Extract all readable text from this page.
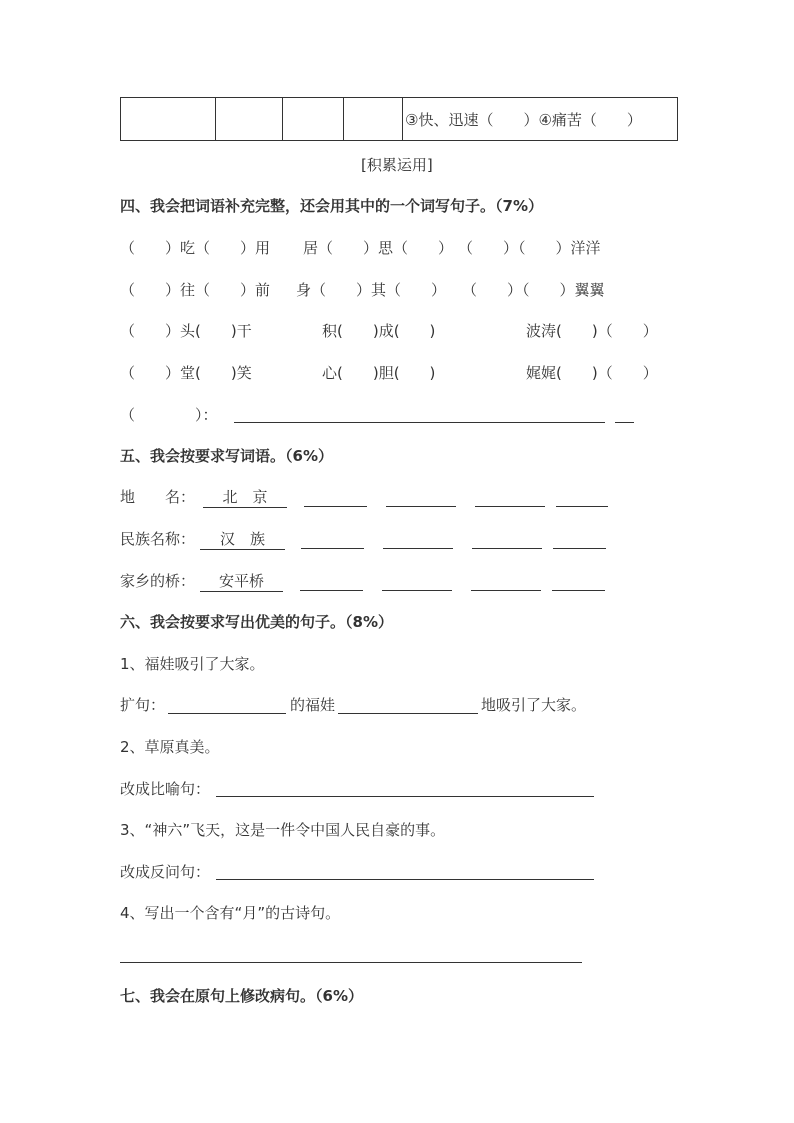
				③快、迅速（　　）④痛苦（　　）
[积累运用]
四、我会把词语补充完整，还会用其中的一个词写句子。（7%）
（　　）吃（　　）用 居（　　）思（　　） （　　）（　　）洋洋
（　　）往（　　）前 身（　　）其（　　） （　　）（　　）翼翼
（　　）头(　　)干	积(　　)成(　　)	波涛(　　)（　　）
（　　）堂(　　)笑	心(　　)胆(　　)	娓娓(　　)（　　）
（　　　　）：
五、我会按要求写词语。（6%）
地　　名：	北　京
民族名称：	汉　族
家乡的桥：	安平桥
六、我会按要求写出优美的句子。（8%）
1、福娃吸引了大家。
扩句：	的福娃	地吸引了大家。
2、草原真美。
改成比喻句：
3、“神六”飞天，这是一件令中国人民自豪的事。
改成反问句：
4、写出一个含有“月”的古诗句。
七、我会在原句上修改病句。（6%）
